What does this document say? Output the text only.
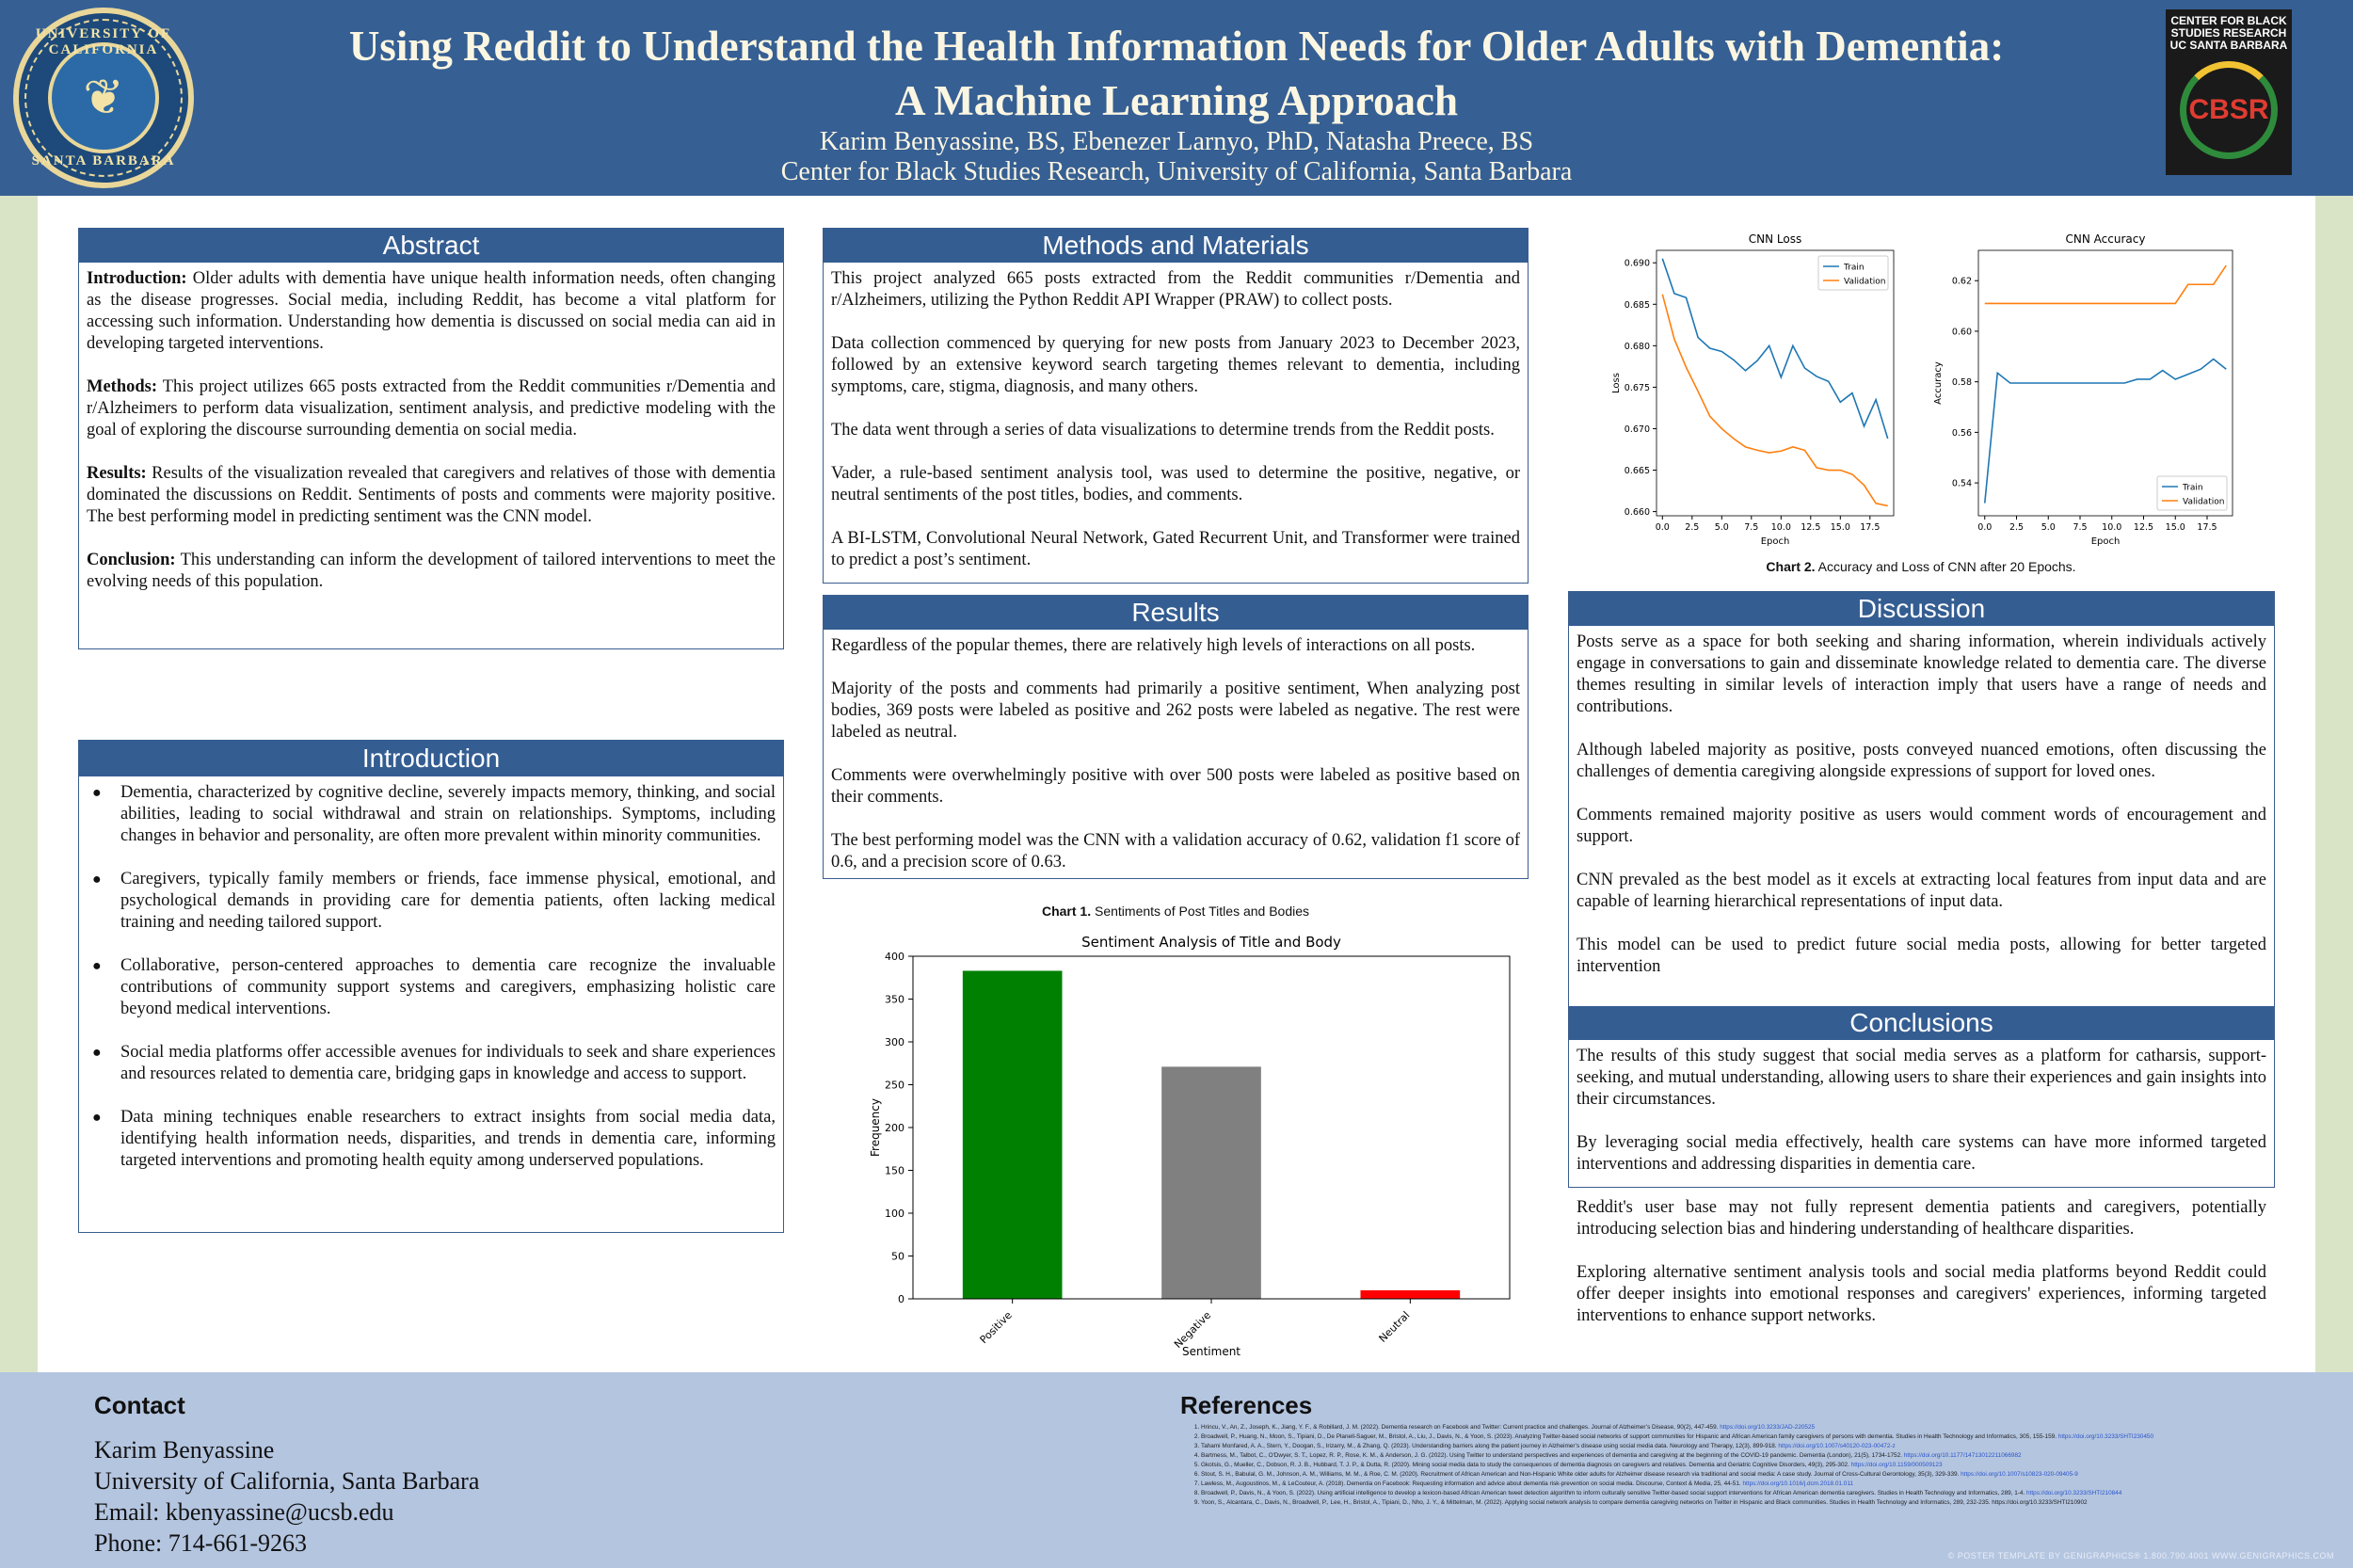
UNIVERSITY OF CALIFORNIA
❦
SANTA BARBARA
Using Reddit to Understand the Health Information Needs for Older Adults with Dementia:
A Machine Learning Approach
Karim Benyassine, BS, Ebenezer Larnyo, PhD, Natasha Preece, BS
Center for Black Studies Research, University of California, Santa Barbara
CENTER FOR BLACK STUDIES RESEARCH
UC SANTA BARBARA
CBSR
Abstract

Introduction: Older adults with dementia have unique health information needs, often changing as the disease progresses. Social media, including Reddit, has become a vital platform for accessing such information. Understanding how dementia is discussed on social media can aid in developing targeted interventions.

Methods: This project utilizes 665 posts extracted from the Reddit communities r/Dementia and r/Alzheimers to perform data visualization, sentiment analysis, and predictive modeling with the goal of exploring the discourse surrounding dementia on social media.

Results: Results of the visualization revealed that caregivers and relatives of those with dementia dominated the discussions on Reddit. Sentiments of posts and comments were majority positive. The best performing model in predicting sentiment was the CNN model.

Conclusion: This understanding can inform the development of tailored interventions to meet the evolving needs of this population.

Introduction
● Dementia, characterized by cognitive decline, severely impacts memory, thinking, and social abilities, leading to social withdrawal and strain on relationships. Symptoms, including changes in behavior and personality, are often more prevalent within minority communities.
● Caregivers, typically family members or friends, face immense physical, emotional, and psychological demands in providing care for dementia patients, often lacking medical training and needing tailored support.
● Collaborative, person-centered approaches to dementia care recognize the invaluable contributions of community support systems and caregivers, emphasizing holistic care beyond medical interventions.
● Social media platforms offer accessible avenues for individuals to seek and share experiences and resources related to dementia care, bridging gaps in knowledge and access to support.
● Data mining techniques enable researchers to extract insights from social media data, identifying health information needs, disparities, and trends in dementia care, informing targeted interventions and promoting health equity among underserved populations.
Methods and Materials

This project analyzed 665 posts extracted from the Reddit communities r/Dementia and r/Alzheimers, utilizing the Python Reddit API Wrapper (PRAW) to collect posts.

Data collection commenced by querying for new posts from January 2023 to December 2023, followed by an extensive keyword search targeting themes relevant to dementia, including symptoms, care, stigma, diagnosis, and many others.

The data went through a series of data visualizations to determine trends from the Reddit posts.

Vader, a rule-based sentiment analysis tool, was used to determine the positive, negative, or neutral sentiments of the post titles, bodies, and comments.

A BI-LSTM, Convolutional Neural Network, Gated Recurrent Unit, and Transformer were trained to predict a post’s sentiment.

Results

Regardless of the popular themes, there are relatively high levels of interactions on all posts.

Majority of the posts and comments had primarily a positive sentiment, When analyzing post bodies, 369 posts were labeled as positive and 262 posts were labeled as negative. The rest were labeled as neutral.

Comments were overwhelmingly positive with over 500 posts were labeled as positive based on their comments.

The best performing model was the CNN with a validation accuracy of 0.62, validation f1 score of 0.6, and a precision score of 0.63.

Chart 1. Sentiments of Post Titles and Bodies
Sentiment Analysis of Title and Body
0
50
100
150
200
250
300
350
400
Positive	Negative	Neutral
Sentiment
Frequency
CNN Loss
0.660
0.665
0.670
0.675
0.680
0.685
0.690
0.0 2.5 5.0 7.5 10.0 12.5 15.0 17.5
Epoch
Loss
Train
Validation
CNN Accuracy
0.54
0.56
0.58
0.60
0.62
0.0 2.5 5.0 7.5 10.0 12.5 15.0 17.5
Epoch
Accuracy
Train
Validation
Chart 2. Accuracy and Loss of CNN after 20 Epochs.
Discussion

Posts serve as a space for both seeking and sharing information, wherein individuals actively engage in conversations to gain and disseminate knowledge related to dementia care. The diverse themes resulting in similar levels of interaction imply that users have a range of needs and contributions.

Although labeled majority as positive, posts conveyed nuanced emotions, often discussing the challenges of dementia caregiving alongside expressions of support for loved ones.

Comments remained majority positive as users would comment words of encouragement and support.

CNN prevaled as the best model as it excels at extracting local features from input data and are capable of learning hierarchical representations of input data.

This model can be used to predict future social media posts, allowing for better targeted intervention

Conclusions

The results of this study suggest that social media serves as a platform for catharsis, support-seeking, and mutual understanding, allowing users to share their experiences and gain insights into their circumstances.

By leveraging social media effectively, health care systems can have more informed targeted interventions and addressing disparities in dementia care.

Reddit's user base may not fully represent dementia patients and caregivers, potentially introducing selection bias and hindering understanding of healthcare disparities.

Exploring alternative sentiment analysis tools and social media platforms beyond Reddit could offer deeper insights into emotional responses and caregivers' experiences, informing targeted interventions to enhance support networks.

Contact
Karim Benyassine
University of California, Santa Barbara
Email: kbenyassine@ucsb.edu
Phone: 714-661-9263
References
1. Hrincu, V., An, Z., Joseph, K., Jiang, Y. F., & Robillard, J. M. (2022). Dementia research on Facebook and Twitter: Current practice and challenges. Journal of Alzheimer’s Disease, 90(2), 447-459. https://doi.org/10.3233/JAD-220525
2. Broadwell, P., Huang, N., Moon, S., Tipiani, D., De Planell-Saguer, M., Bristol, A., Liu, J., Davis, N., & Yoon, S. (2023). Analyzing Twitter-based social networks of support communities for Hispanic and African American family caregivers of persons with dementia. Studies in Health Technology and Informatics, 305, 155-159. https://doi.org/10.3233/SHTI230450
3. Tahami Monfared, A. A., Stern, Y., Doogan, S., Irizarry, M., & Zhang, Q. (2023). Understanding barriers along the patient journey in Alzheimer’s disease using social media data. Neurology and Therapy, 12(3), 899-918. https://doi.org/10.1007/s40120-023-00472-z
4. Bartmess, M., Talbot, C., O'Dwyer, S. T., Lopez, R. P., Rose, K. M., & Anderson, J. G. (2022). Using Twitter to understand perspectives and experiences of dementia and caregiving at the beginning of the COVID-19 pandemic. Dementia (London), 21(5), 1734-1752. https://doi.org/10.1177/14713012211066982
5. Gkotsis, G., Mueller, C., Dobson, R. J. B., Hubbard, T. J. P., & Dutta, R. (2020). Mining social media data to study the consequences of dementia diagnosis on caregivers and relatives. Dementia and Geriatric Cognitive Disorders, 49(3), 295-302. https://doi.org/10.1159/000509123
6. Stout, S. H., Babulal, G. M., Johnson, A. M., Williams, M. M., & Roe, C. M. (2020). Recruitment of African American and Non-Hispanic White older adults for Alzheimer disease research via traditional and social media: A case study. Journal of Cross-Cultural Gerontology, 35(3), 329-339. https://doi.org/10.1007/s10823-020-09405-9
7. Lawless, M., Augoustinos, M., & LeCouteur, A. (2018). Dementia on Facebook: Requesting information and advice about dementia risk-prevention on social media. Discourse, Context & Media, 25, 44-51. https://doi.org/10.1016/j.dcm.2018.01.011
8. Broadwell, P., Davis, N., & Yoon, S. (2022). Using artificial intelligence to develop a lexicon-based African American tweet detection algorithm to inform culturally sensitive Twitter-based social support interventions for African American dementia caregivers. Studies in Health Technology and Informatics, 289, 1-4. https://doi.org/10.3233/SHTI210844
9. Yoon, S., Alcantara, C., Davis, N., Broadwell, P., Lee, H., Bristol, A., Tipiani, D., Nho, J. Y., & Mittelman, M. (2022). Applying social network analysis to compare dementia caregiving networks on Twitter in Hispanic and Black communities. Studies in Health Technology and Informatics, 289, 232-235. https://doi.org/10.3233/SHTI210902
© POSTER TEMPLATE BY GENIGRAPHICS® 1.800.790.4001 WWW.GENIGRAPHICS.COM
